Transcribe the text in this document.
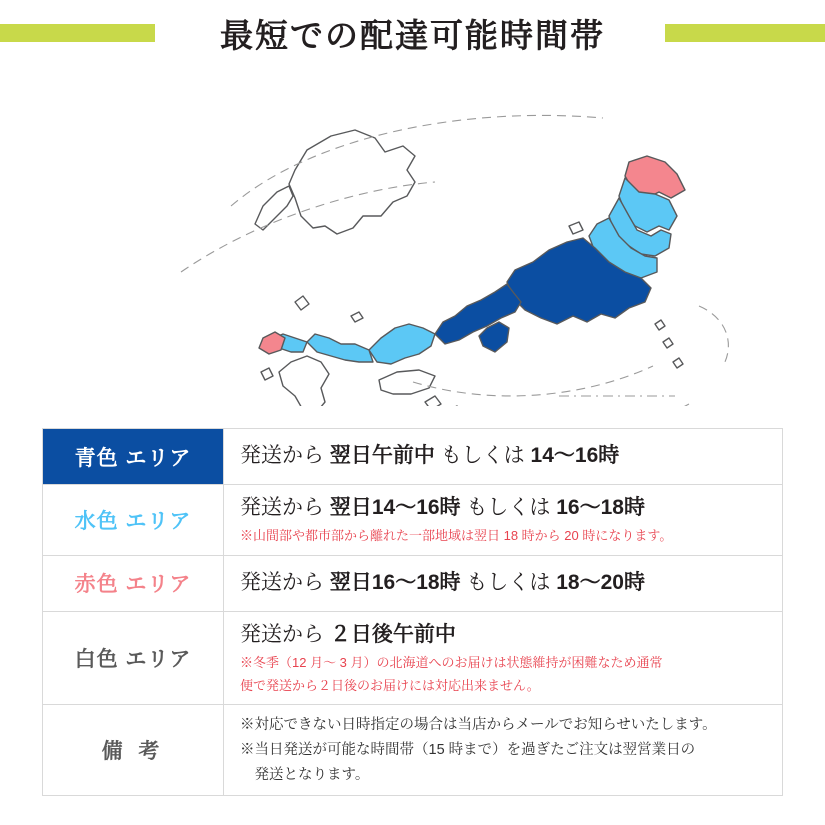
最短での配達可能時間帯
青色 エリア	発送から 翌日午前中 もしくは 14〜16時
水色 エリア
発送から 翌日14〜16時 もしくは 16〜18時
※山間部や都市部から離れた一部地域は翌日 18 時から 20 時になります。
赤色 エリア	発送から 翌日16〜18時 もしくは 18〜20時
白色 エリア
発送から ２日後午前中
※冬季（12 月〜 3 月）の北海道へのお届けは状態維持が困難なため通常
便で発送から２日後のお届けには対応出来ません。
備 考
※対応できない日時指定の場合は当店からメールでお知らせいたします。
※当日発送が可能な時間帯（15 時まで）を過ぎたご注文は翌営業日の
　発送となります。
